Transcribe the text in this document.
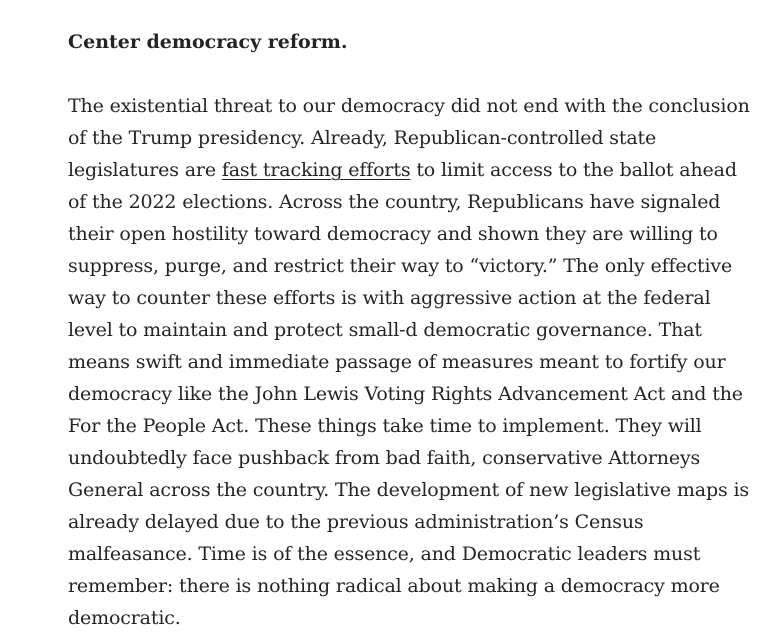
Center democracy reform.

The existential threat to our democracy did not end with the conclusion of the Trump presidency. Already, Republican-controlled state legislatures are fast tracking efforts to limit access to the ballot ahead of the 2022 elections. Across the country, Republicans have signaled their open hostility toward democracy and shown they are willing to suppress, purge, and restrict their way to “victory.” The only effective way to counter these efforts is with aggressive action at the federal level to maintain and protect small-d democratic governance. That means swift and immediate passage of measures meant to fortify our democracy like the John Lewis Voting Rights Advancement Act and the For the People Act. These things take time to implement. They will undoubtedly face pushback from bad faith, conservative Attorneys General across the country. The development of new legislative maps is already delayed due to the previous administration’s Census malfeasance. Time is of the essence, and Democratic leaders must remember: there is nothing radical about making a democracy more democratic.
